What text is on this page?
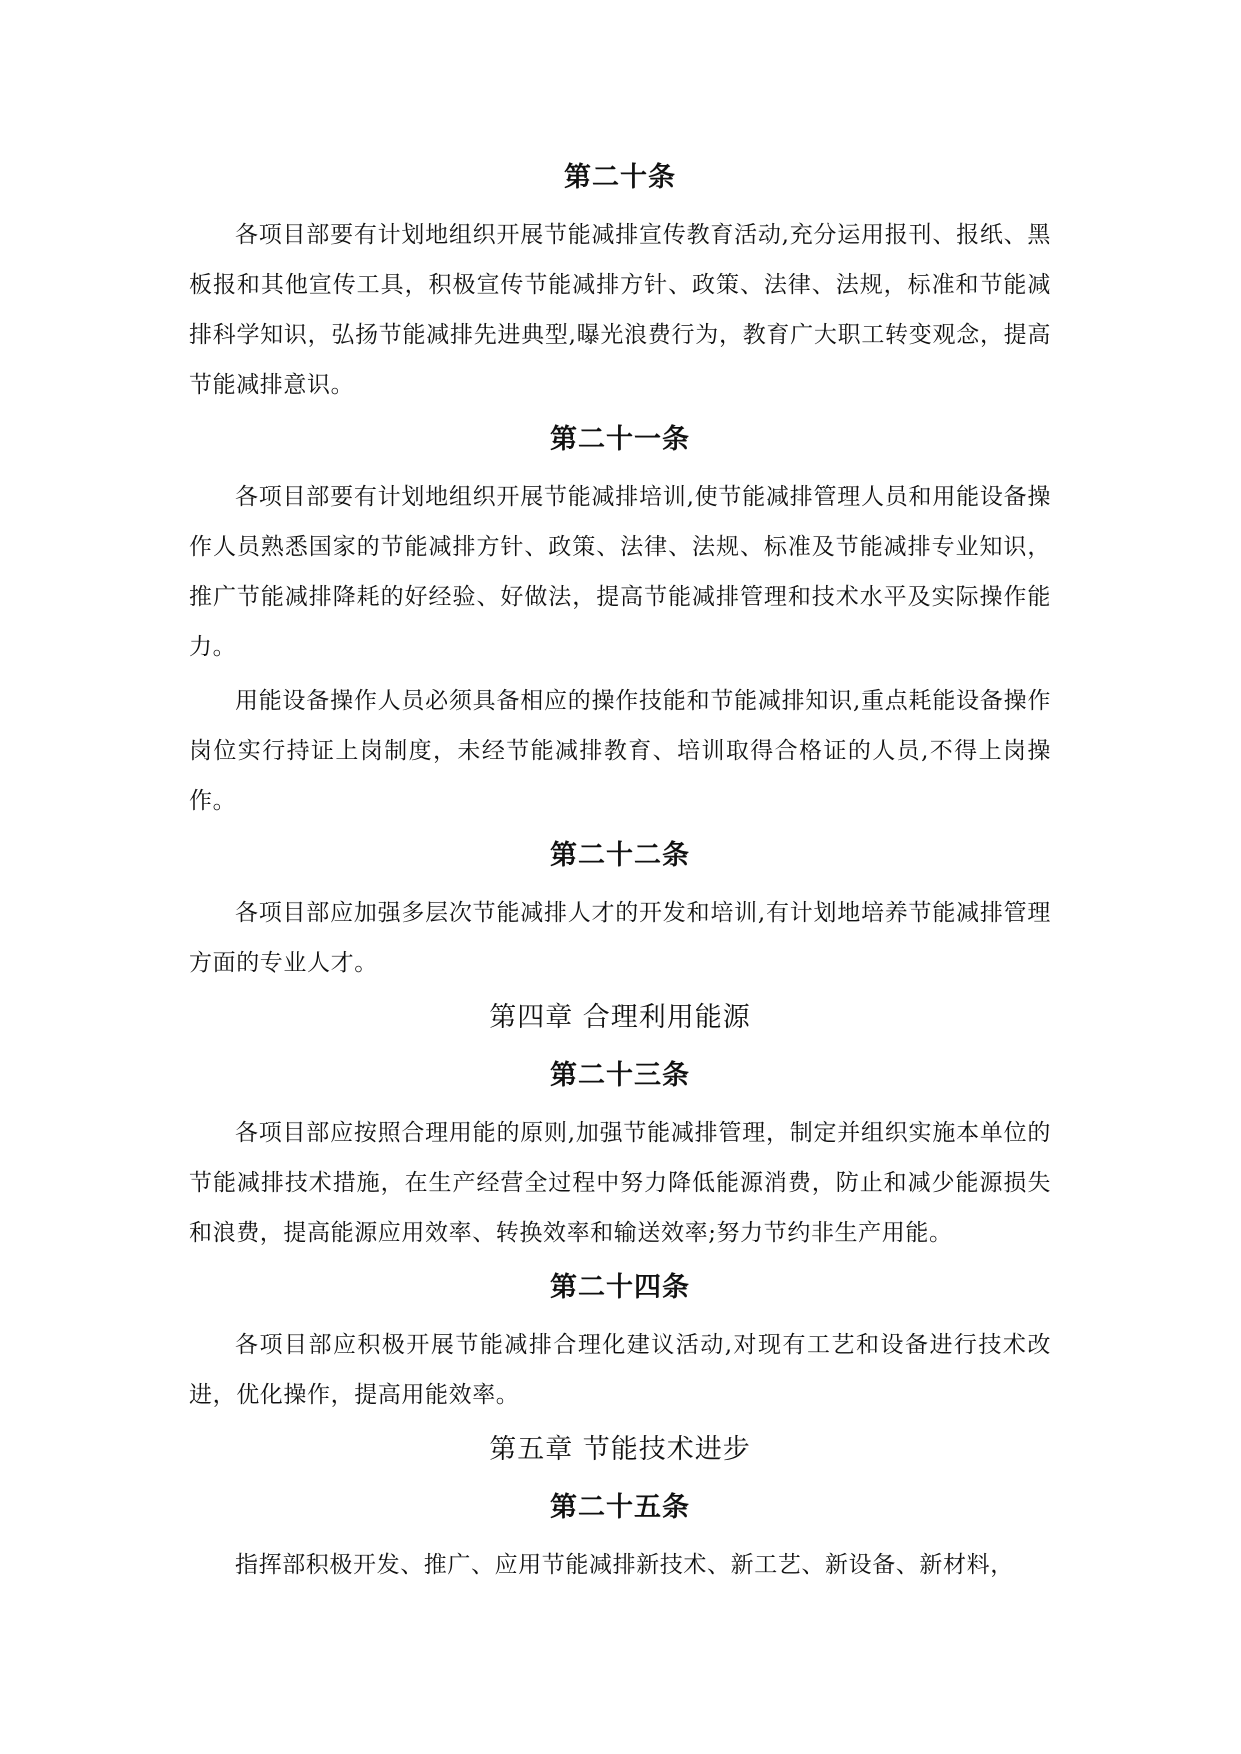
第二十条

各项目部要有计划地组织开展节能减排宣传教育活动,充分运用报刊、报纸、黑板报和其他宣传工具，积极宣传节能减排方针、政策、法律、法规，标准和节能减排科学知识，弘扬节能减排先进典型,曝光浪费行为，教育广大职工转变观念，提高节能减排意识。

第二十一条

各项目部要有计划地组织开展节能减排培训,使节能减排管理人员和用能设备操作人员熟悉国家的节能减排方针、政策、法律、法规、标准及节能减排专业知识，推广节能减排降耗的好经验、好做法，提高节能减排管理和技术水平及实际操作能力。

用能设备操作人员必须具备相应的操作技能和节能减排知识,重点耗能设备操作岗位实行持证上岗制度，未经节能减排教育、培训取得合格证的人员,不得上岗操作。

第二十二条

各项目部应加强多层次节能减排人才的开发和培训,有计划地培养节能减排管理方面的专业人才。

第四章 合理利用能源
第二十三条

各项目部应按照合理用能的原则,加强节能减排管理，制定并组织实施本单位的节能减排技术措施，在生产经营全过程中努力降低能源消费，防止和减少能源损失和浪费，提高能源应用效率、转换效率和输送效率;努力节约非生产用能。

第二十四条

各项目部应积极开展节能减排合理化建议活动,对现有工艺和设备进行技术改进，优化操作，提高用能效率。

第五章 节能技术进步
第二十五条

指挥部积极开发、推广、应用节能减排新技术、新工艺、新设备、新材料，
